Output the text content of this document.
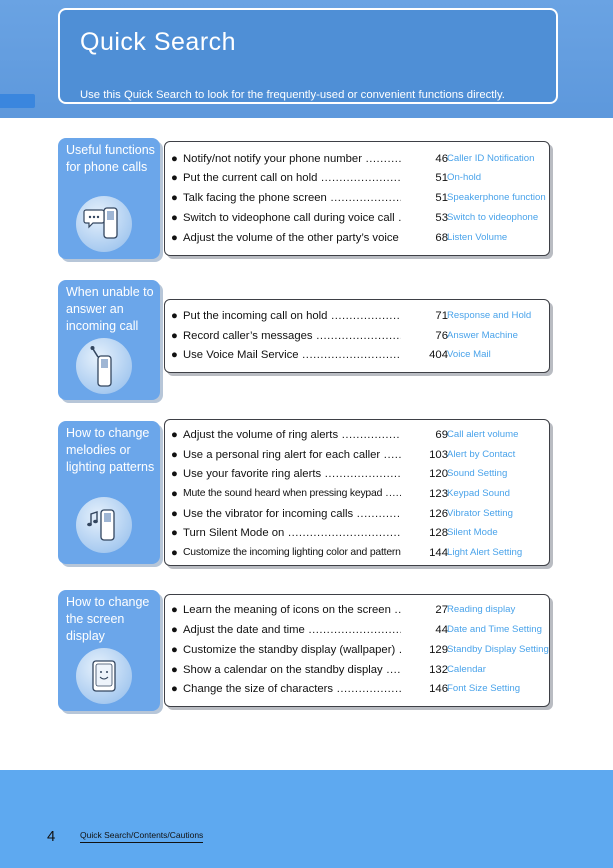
Quick Search
Use this Quick Search to look for the frequently-used or convenient functions directly.
Useful functions for phone calls
● Notify/not notify your phone number .....	46 Caller ID Notification
● Put the current call on hold .....	51 On-hold
● Talk facing the phone screen .....	51 Speakerphone function
● Switch to videophone call during voice call .....	53 Switch to videophone
● Adjust the volume of the other party’s voice .....	68 Listen Volume
When unable to answer an incoming call
● Put the incoming call on hold .....	71 Response and Hold
● Record caller’s messages .....	76 Answer Machine
● Use Voice Mail Service .....	404 Voice Mail
How to change melodies or lighting patterns
● Adjust the volume of ring alerts .....	69 Call alert volume
● Use a personal ring alert for each caller .....	103 Alert by Contact
● Use your favorite ring alerts .....	120 Sound Setting
● Mute the sound heard when pressing keypad .....	123 Keypad Sound
● Use the vibrator for incoming calls .....	126 Vibrator Setting
● Turn Silent Mode on .....	128 Silent Mode
● Customize the incoming lighting color and pattern .....	144 Light Alert Setting
How to change the screen display
● Learn the meaning of icons on the screen .....	27 Reading display
● Adjust the date and time .....	44 Date and Time Setting
● Customize the standby display (wallpaper) .....	129 Standby Display Setting
● Show a calendar on the standby display .....	132 Calendar
● Change the size of characters .....	146 Font Size Setting
4	Quick Search/Contents/Cautions
